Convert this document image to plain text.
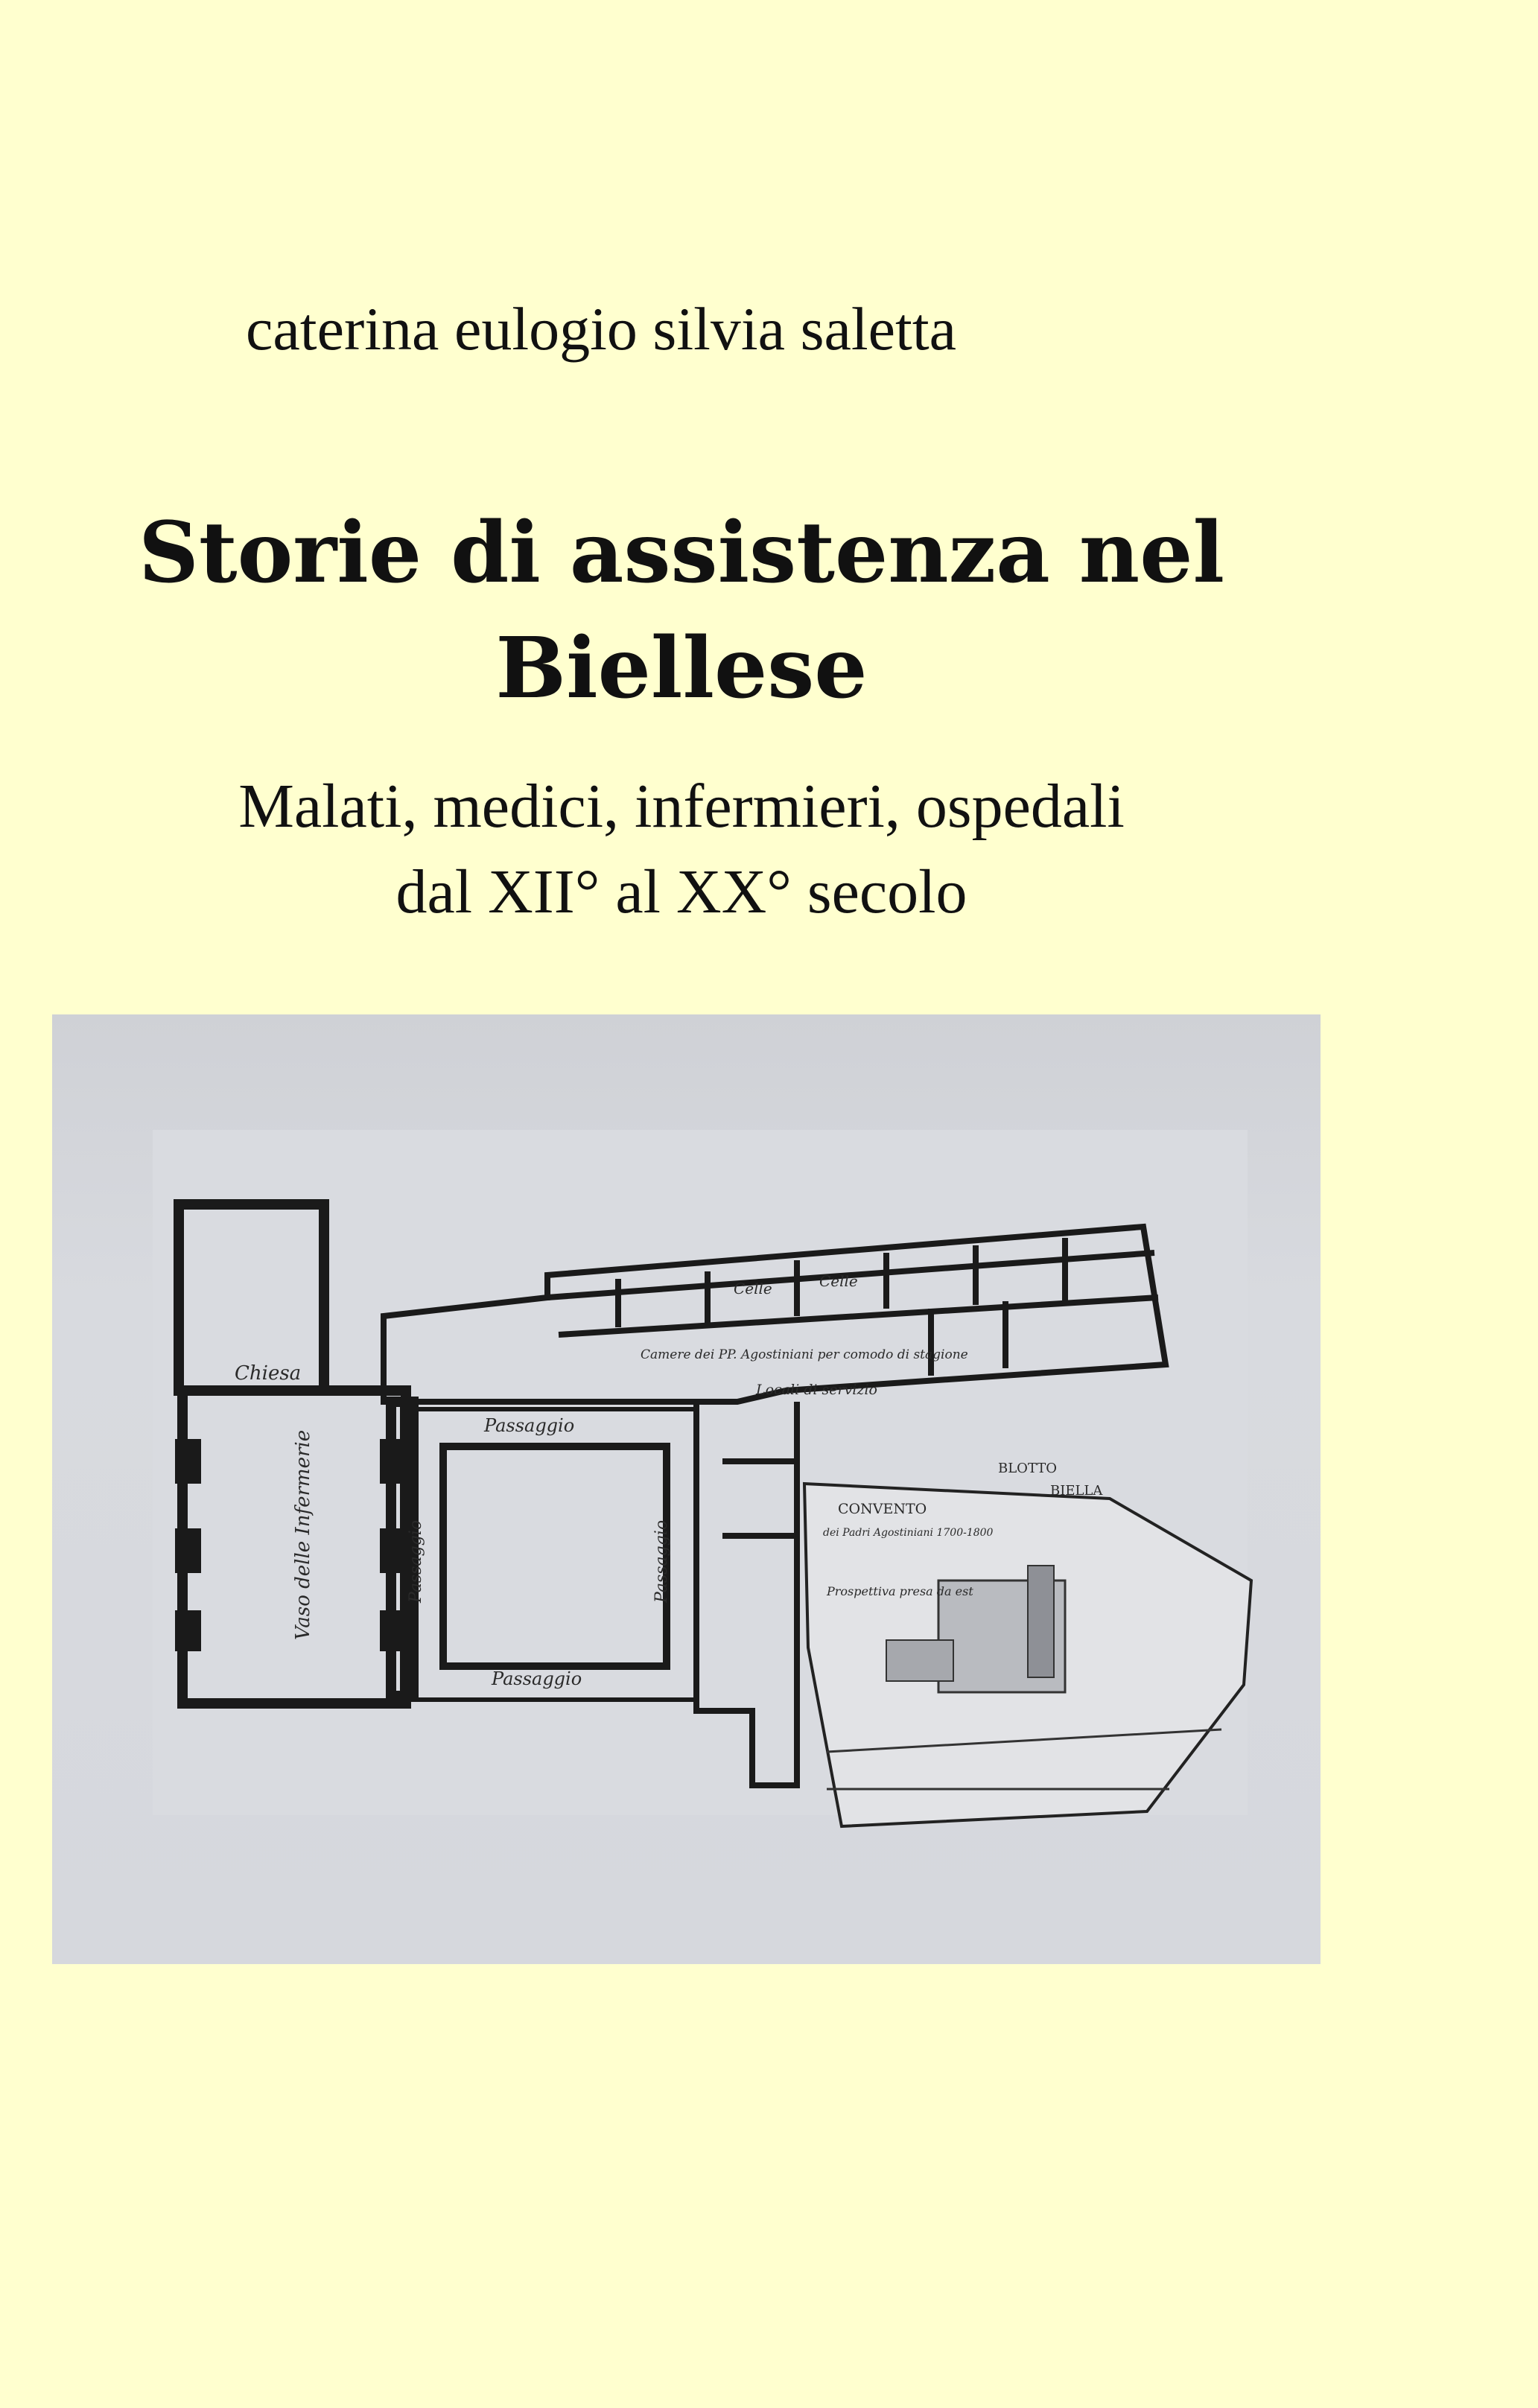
caterina eulogio silvia saletta
Storie di assistenza nel
Biellese
Malati, medici, infermieri, ospedali
dal XII° al XX° secolo
Chiesa
Vaso delle Infermerie
Passaggio
Passaggio
Passaggio	Passaggio
Celle	Celle
Camere dei PP. Agostiniani per comodo di stagione
Locali di servizio
CONVENTO
dei Padri Agostiniani 1700-1800
Prospettiva presa da est
BIELLA
BLOTTO
